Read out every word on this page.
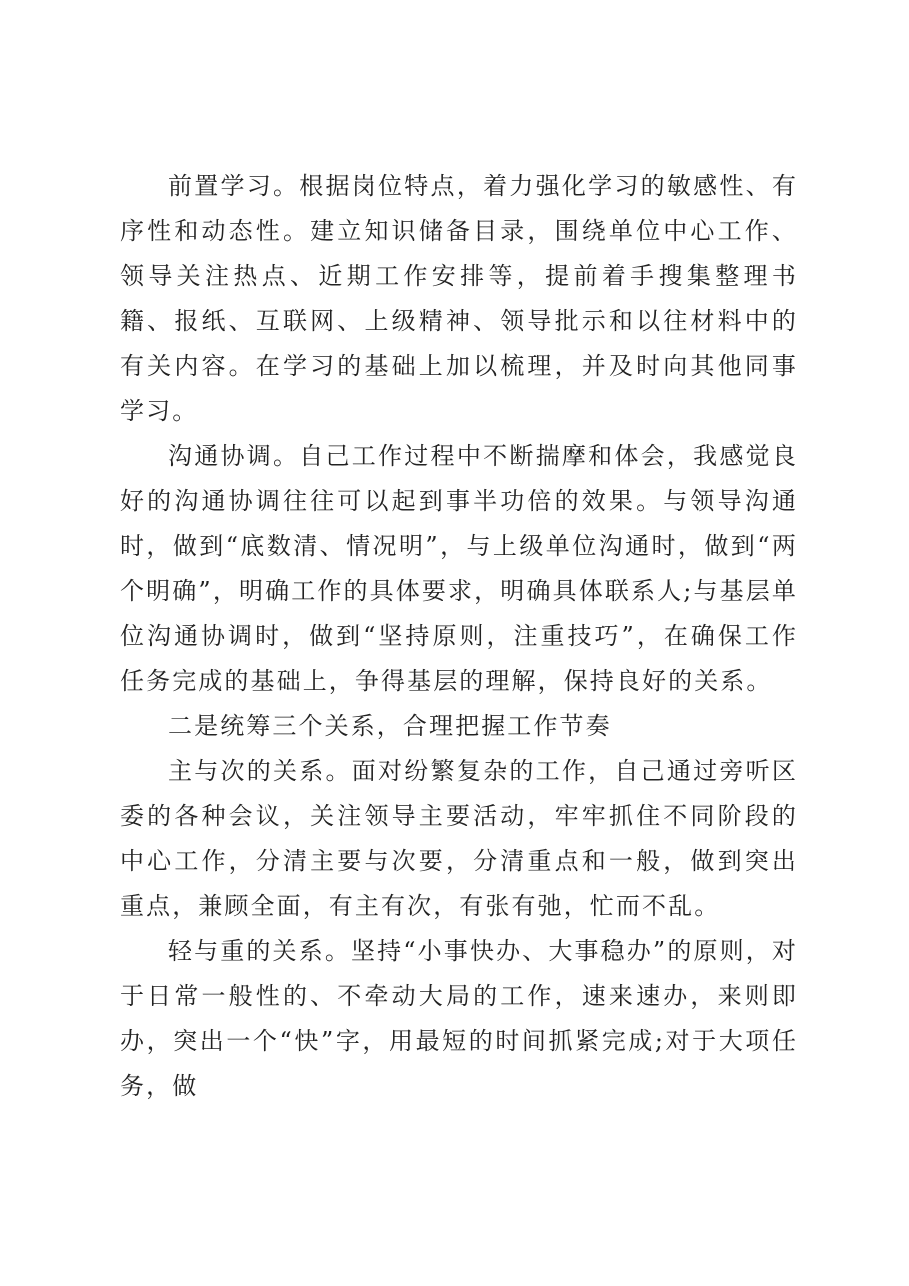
前置学习。根据岗位特点，着力强化学习的敏感性、有序性和动态性。建立知识储备目录，围绕单位中心工作、领导关注热点、近期工作安排等，提前着手搜集整理书籍、报纸、互联网、上级精神、领导批示和以往材料中的有关内容。在学习的基础上加以梳理，并及时向其他同事学习。

沟通协调。自己工作过程中不断揣摩和体会，我感觉良好的沟通协调往往可以起到事半功倍的效果。与领导沟通时，做到“底数清、情况明”，与上级单位沟通时，做到“两个明确”，明确工作的具体要求，明确具体联系人;与基层单位沟通协调时，做到“坚持原则，注重技巧”，在确保工作任务完成的基础上，争得基层的理解，保持良好的关系。

二是统筹三个关系，合理把握工作节奏

主与次的关系。面对纷繁复杂的工作，自己通过旁听区委的各种会议，关注领导主要活动，牢牢抓住不同阶段的中心工作，分清主要与次要，分清重点和一般，做到突出重点，兼顾全面，有主有次，有张有弛，忙而不乱。

轻与重的关系。坚持“小事快办、大事稳办”的原则，对于日常一般性的、不牵动大局的工作，速来速办，来则即办，突出一个“快”字，用最短的时间抓紧完成;对于大项任务，做
